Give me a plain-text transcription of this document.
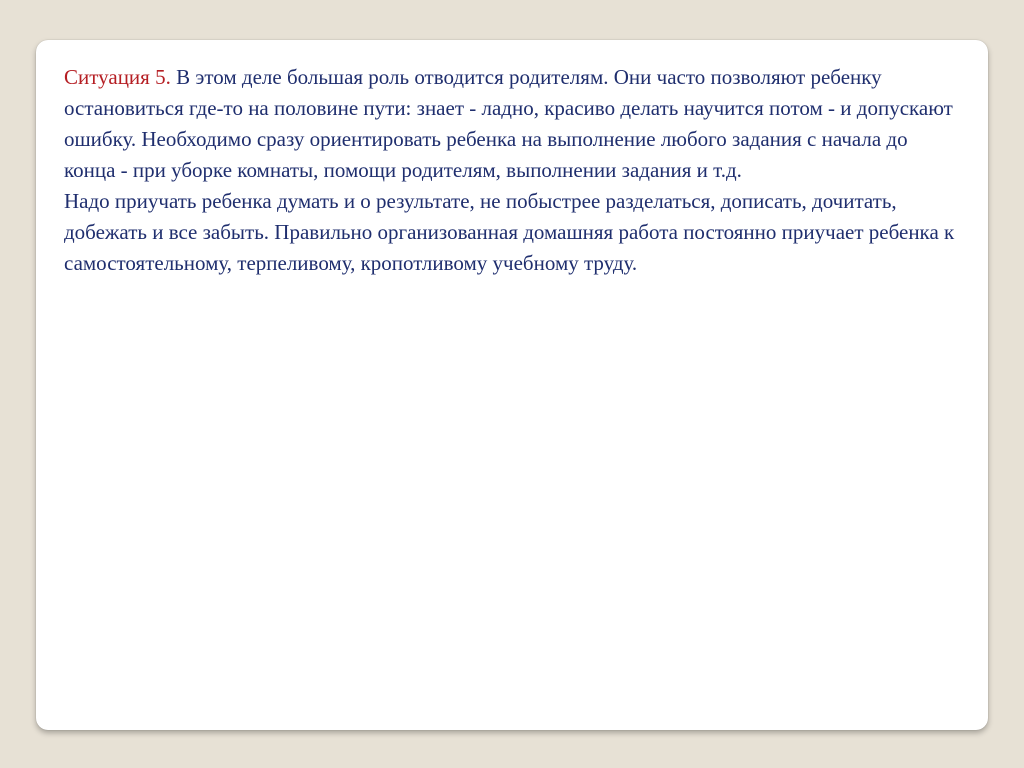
Ситуация 5. В этом деле большая роль отводится родителям. Они часто позволяют ребенку остановиться где-то на половине пути: знает - ладно, красиво делать научится потом - и допускают ошибку. Необходимо сразу ориентировать ребенка на выполнение любого задания с начала до конца - при уборке комнаты, помощи родителям, выполнении задания и т.д.

Надо приучать ребенка думать и о результате, не побыстрее разделаться, дописать, дочитать, добежать и все забыть. Правильно организованная домашняя работа постоянно приучает ребенка к самостоятельному, терпеливому, кропотливому учебному труду.
